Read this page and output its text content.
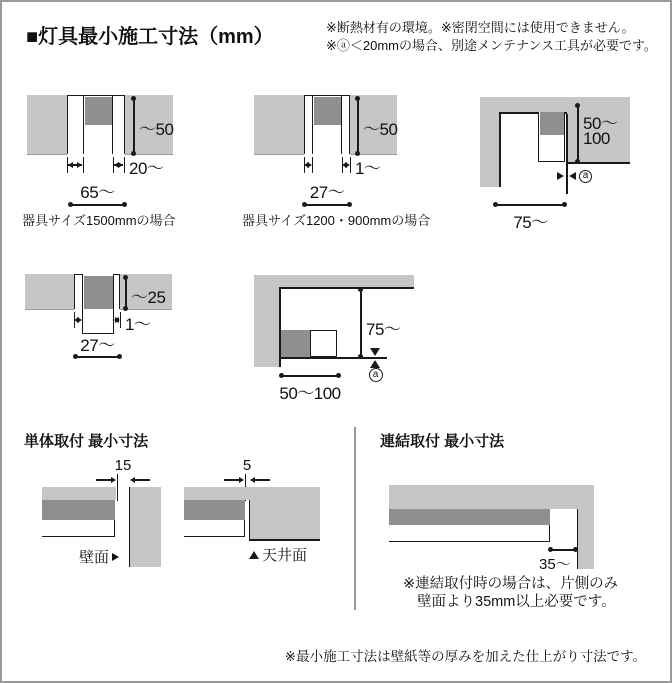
■灯具最小施工寸法（mm）	※断熱材有の環境。※密閉空間には使用できません。
※ⓐ＜20mmの場合、別途メンテナンス工具が必要です。
～50
20～
65～
器具サイズ1500mmの場合
～50
1～
27～
器具サイズ1200・900mmの場合
50～
100
a
75～
～25
1～
27～
75～
a
50～100
単体取付 最小寸法
15
壁面
5
天井面
連結取付 最小寸法
35～
※連結取付時の場合は、片側のみ
壁面より35mm以上必要です。
※最小施工寸法は壁紙等の厚みを加えた仕上がり寸法です。
